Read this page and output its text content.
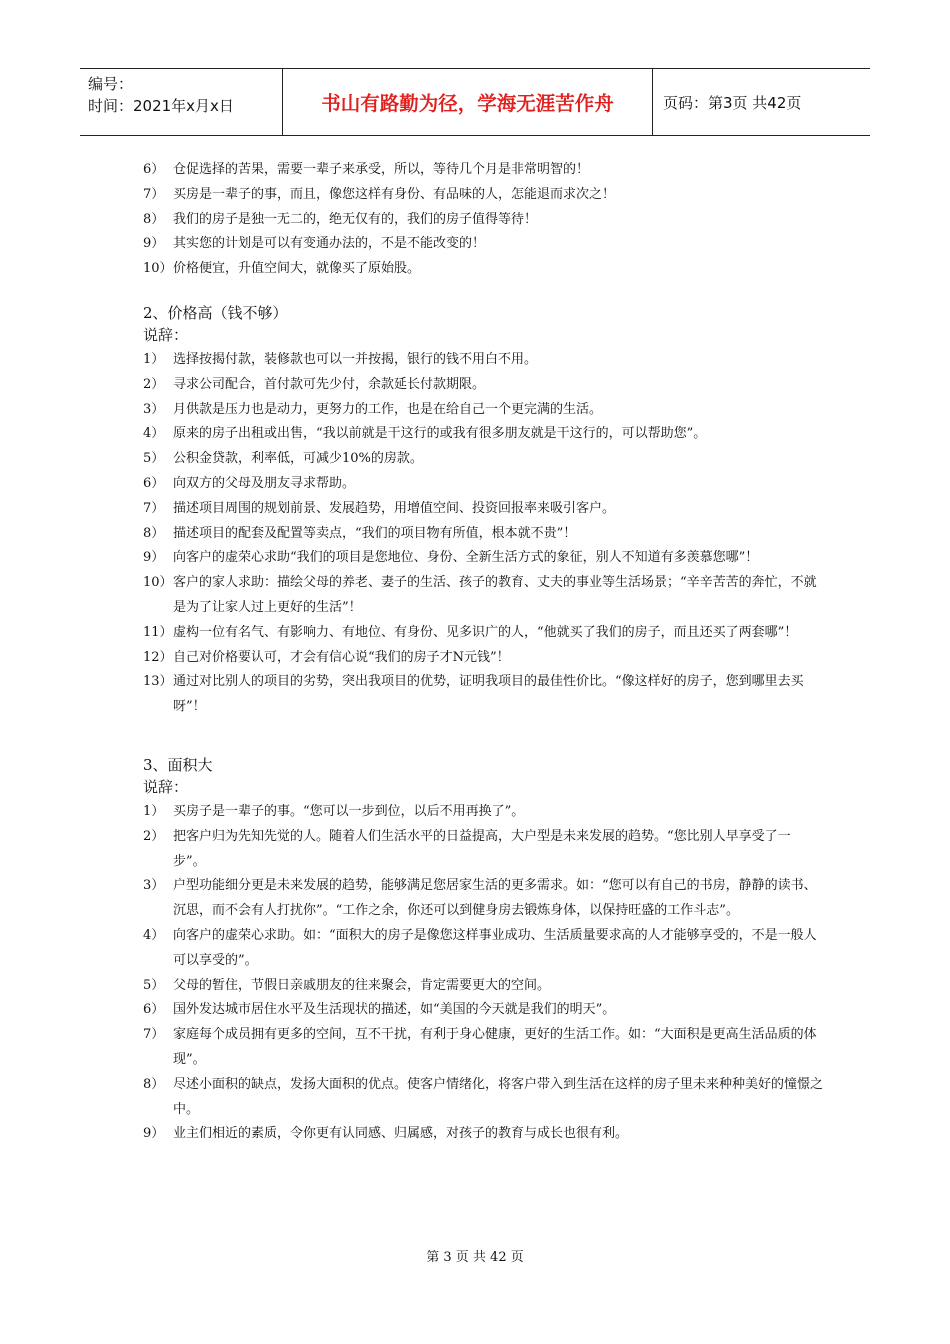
编号：
时间：2021年x月x日	书山有路勤为径，学海无涯苦作舟	页码：第3页 共42页
6） 仓促选择的苦果，需要一辈子来承受，所以，等待几个月是非常明智的！
7） 买房是一辈子的事，而且，像您这样有身份、有品味的人，怎能退而求次之！
8） 我们的房子是独一无二的，绝无仅有的，我们的房子值得等待！
9） 其实您的计划是可以有变通办法的，不是不能改变的！
10） 价格便宜，升值空间大，就像买了原始股。
2、价格高（钱不够）
说辞：
1） 选择按揭付款，装修款也可以一并按揭，银行的钱不用白不用。
2） 寻求公司配合，首付款可先少付，余款延长付款期限。
3） 月供款是压力也是动力，更努力的工作，也是在给自己一个更完满的生活。
4） 原来的房子出租或出售，“我以前就是干这行的或我有很多朋友就是干这行的，可以帮助您”。
5） 公积金贷款，利率低，可减少10%的房款。
6） 向双方的父母及朋友寻求帮助。
7） 描述项目周围的规划前景、发展趋势，用增值空间、投资回报率来吸引客户。
8） 描述项目的配套及配置等卖点，“我们的项目物有所值，根本就不贵”！
9） 向客户的虚荣心求助“我们的项目是您地位、身份、全新生活方式的象征，别人不知道有多羡慕您哪”！
10） 客户的家人求助：描绘父母的养老、妻子的生活、孩子的教育、丈夫的事业等生活场景；“辛辛苦苦的奔忙，不就是为了让家人过上更好的生活”！
11） 虚构一位有名气、有影响力、有地位、有身份、见多识广的人，“他就买了我们的房子，而且还买了两套哪”！
12） 自己对价格要认可，才会有信心说“我们的房子才N元钱”！
13） 通过对比别人的项目的劣势，突出我项目的优势，证明我项目的最佳性价比。“像这样好的房子，您到哪里去买呀”！
3、面积大
说辞：
1） 买房子是一辈子的事。“您可以一步到位，以后不用再换了”。
2） 把客户归为先知先觉的人。随着人们生活水平的日益提高，大户型是未来发展的趋势。“您比别人早享受了一步”。
3） 户型功能细分更是未来发展的趋势，能够满足您居家生活的更多需求。如：“您可以有自己的书房，静静的读书、沉思，而不会有人打扰你”。“工作之余，你还可以到健身房去锻炼身体，以保持旺盛的工作斗志”。
4） 向客户的虚荣心求助。如：“面积大的房子是像您这样事业成功、生活质量要求高的人才能够享受的，不是一般人可以享受的”。
5） 父母的暂住，节假日亲戚朋友的往来聚会，肯定需要更大的空间。
6） 国外发达城市居住水平及生活现状的描述，如“美国的今天就是我们的明天”。
7） 家庭每个成员拥有更多的空间，互不干扰，有利于身心健康，更好的生活工作。如：“大面积是更高生活品质的体现”。
8） 尽述小面积的缺点，发扬大面积的优点。使客户情绪化，将客户带入到生活在这样的房子里未来种种美好的憧憬之中。
9） 业主们相近的素质，令你更有认同感、归属感，对孩子的教育与成长也很有利。
第 3 页 共 42 页
